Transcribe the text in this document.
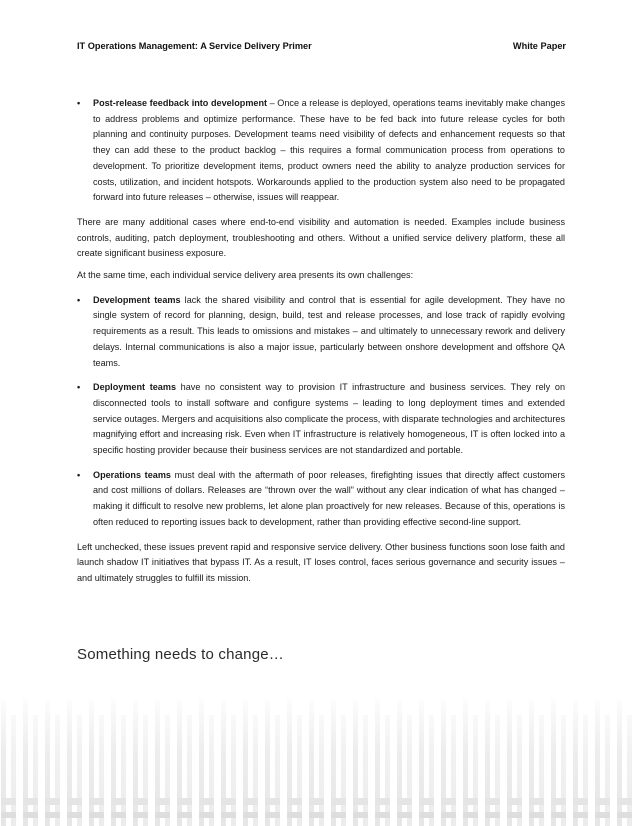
IT Operations Management: A Service Delivery Primer	White Paper
• Post-release feedback into development – Once a release is deployed, operations teams inevitably make changes to address problems and optimize performance. These have to be fed back into future release cycles for both planning and continuity purposes. Development teams need visibility of defects and enhancement requests so that they can add these to the product backlog – this requires a formal communication process from operations to development. To prioritize development items, product owners need the ability to analyze production services for costs, utilization, and incident hotspots. Workarounds applied to the production system also need to be propagated forward into future releases – otherwise, issues will reappear.

There are many additional cases where end-to-end visibility and automation is needed. Examples include business controls, auditing, patch deployment, troubleshooting and others. Without a unified service delivery platform, these all create significant business exposure.

At the same time, each individual service delivery area presents its own challenges:

• Development teams lack the shared visibility and control that is essential for agile development. They have no single system of record for planning, design, build, test and release processes, and lose track of rapidly evolving requirements as a result. This leads to omissions and mistakes – and ultimately to unnecessary rework and delivery delays. Internal communications is also a major issue, particularly between onshore development and offshore QA teams.
• Deployment teams have no consistent way to provision IT infrastructure and business services. They rely on disconnected tools to install software and configure systems – leading to long deployment times and extended service outages. Mergers and acquisitions also complicate the process, with disparate technologies and architectures magnifying effort and increasing risk. Even when IT infrastructure is relatively homogeneous, IT is often locked into a specific hosting provider because their business services are not standardized and portable.
• Operations teams must deal with the aftermath of poor releases, firefighting issues that directly affect customers and cost millions of dollars. Releases are “thrown over the wall” without any clear indication of what has changed – making it difficult to resolve new problems, let alone plan proactively for new releases. Because of this, operations is often reduced to reporting issues back to development, rather than providing effective second-line support.

Left unchecked, these issues prevent rapid and responsive service delivery. Other business functions soon lose faith and launch shadow IT initiatives that bypass IT. As a result, IT loses control, faces serious governance and security issues – and ultimately struggles to fulfill its mission.

Something needs to change…
